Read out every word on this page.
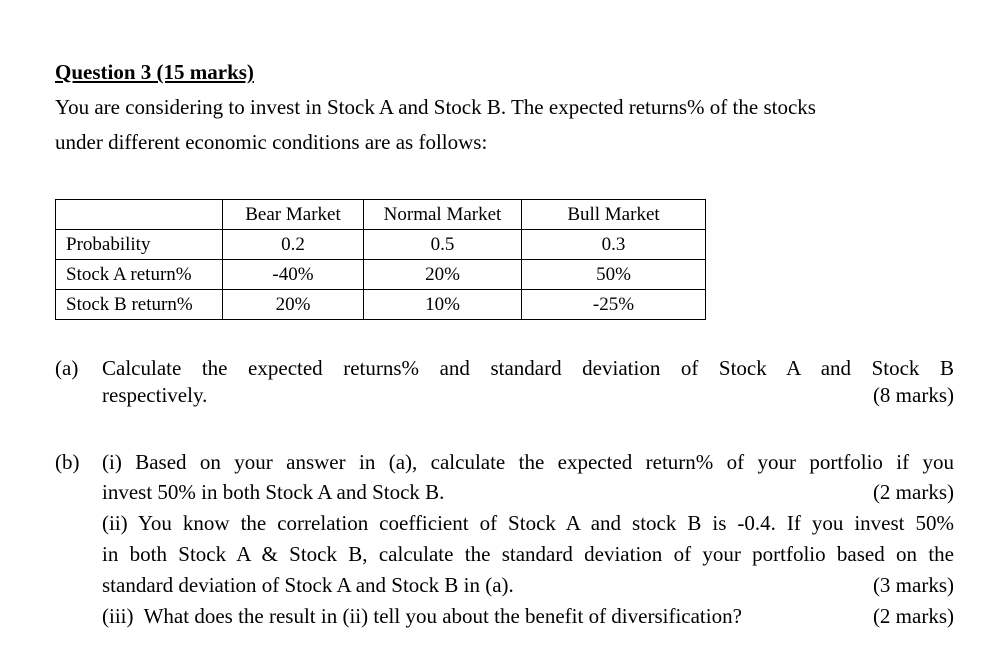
Question 3 (15 marks)
You are considering to invest in Stock A and Stock B. The expected returns% of the stocks
under different economic conditions are as follows:
	Bear Market	Normal Market	Bull Market
Probability	0.2	0.5	0.3
Stock A return%	-40%	20%	50%
Stock B return%	20%	10%	-25%
(a) Calculate the expected returns% and standard deviation of Stock A and Stock B
respectively.	(8 marks)
(b) (i) Based on your answer in (a), calculate the expected return% of your portfolio if you
invest 50% in both Stock A and Stock B.	(2 marks)
(ii) You know the correlation coefficient of Stock A and stock B is -0.4. If you invest 50%
in both Stock A & Stock B, calculate the standard deviation of your portfolio based on the
standard deviation of Stock A and Stock B in (a).	(3 marks)
(iii)  What does the result in (ii) tell you about the benefit of diversification?	(2 marks)
